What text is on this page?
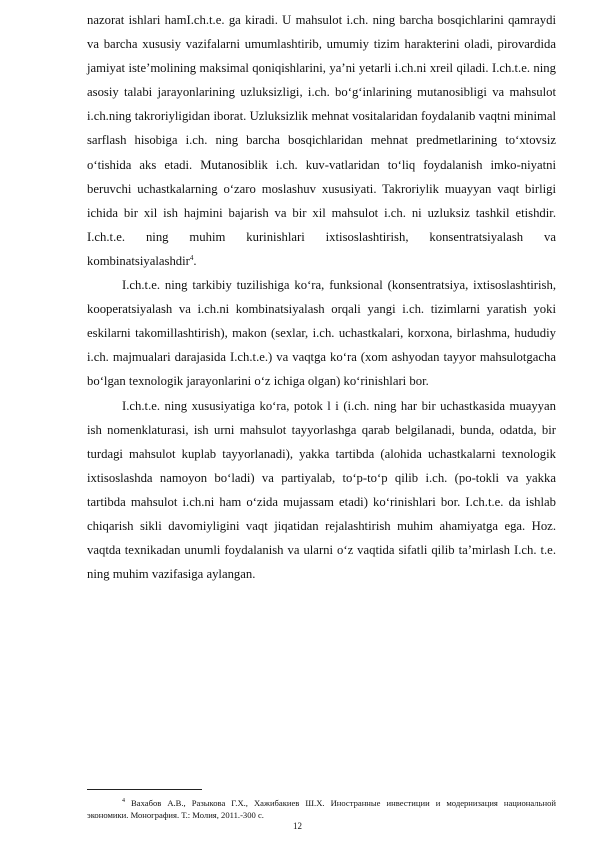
nazorat ishlari hamI.ch.t.e. ga kiradi. U mahsulot i.ch. ning barcha bosqichlarini qamraydi va barcha xususiy vazifalarni umumlashtirib, umumiy tizim harakterini oladi, pirovardida jamiyat iste’molining maksimal qoniqishlarini, ya’ni yetarli i.ch.ni xreil qiladi. I.ch.t.e. ning asosiy talabi jarayonlarining uzluksizligi, i.ch. bo‘g‘inlarining mutanosibligi va mahsulot i.ch.ning takroriyligidan iborat. Uzluksizlik mehnat vositalaridan foydalanib vaqtni minimal sarflash hisobiga i.ch. ning barcha bosqichlaridan mehnat predmetlarining to‘xtovsiz o‘tishida aks etadi. Mutanosiblik i.ch. kuv-vatlaridan to‘liq foydalanish imko-niyatni beruvchi uchastkalarning o‘zaro moslashuv xususiyati. Takroriylik muayyan vaqt birligi ichida bir xil ish hajmini bajarish va bir xil mahsulot i.ch. ni uzluksiz tashkil etishdir. I.ch.t.e. ning muhim kurinishlari ixtisoslashtirish, konsentratsiyalash va kombinatsiyalashdir$^4$.

I.ch.t.e. ning tarkibiy tuzilishiga ko‘ra, funksional (konsentratsiya, ixtisoslashtirish, kooperatsiyalash va i.ch.ni kombinatsiyalash orqali yangi i.ch. tizimlarni yaratish yoki eskilarni takomillashtirish), makon (sexlar, i.ch. uchastkalari, korxona, birlashma, hududiy i.ch. majmualari darajasida I.ch.t.e.) va vaqtga ko‘ra (xom ashyodan tayyor mahsulotgacha bo‘lgan texnologik jarayonlarini o‘z ichiga olgan) ko‘rinishlari bor.

I.ch.t.e. ning xususiyatiga ko‘ra, potok l i (i.ch. ning har bir uchastkasida muayyan ish nomenklaturasi, ish urni mahsulot tayyorlashga qarab belgilanadi, bunda, odatda, bir turdagi mahsulot kuplab tayyorlanadi), yakka tartibda (alohida uchastkalarni texnologik ixtisoslashda namoyon bo‘ladi) va partiyalab, to‘p-to‘p qilib i.ch. (po-tokli va yakka tartibda mahsulot i.ch.ni ham o‘zida mujassam etadi) ko‘rinishlari bor. I.ch.t.e. da ishlab chiqarish sikli davomiyligini vaqt jiqatidan rejalashtirish muhim ahamiyatga ega. Hoz. vaqtda texnikadan unumli foydalanish va ularni o‘z vaqtida sifatli qilib ta’mirlash I.ch. t.e. ning muhim vazifasiga aylangan.

$^4$ Вахабов А.В., Разыкова Г.Х., Хажибакиев Ш.Х. Иностранные инвестиции и модернизация национальной экономики. Монография. Т.: Молия, 2011.-300 с.

12
